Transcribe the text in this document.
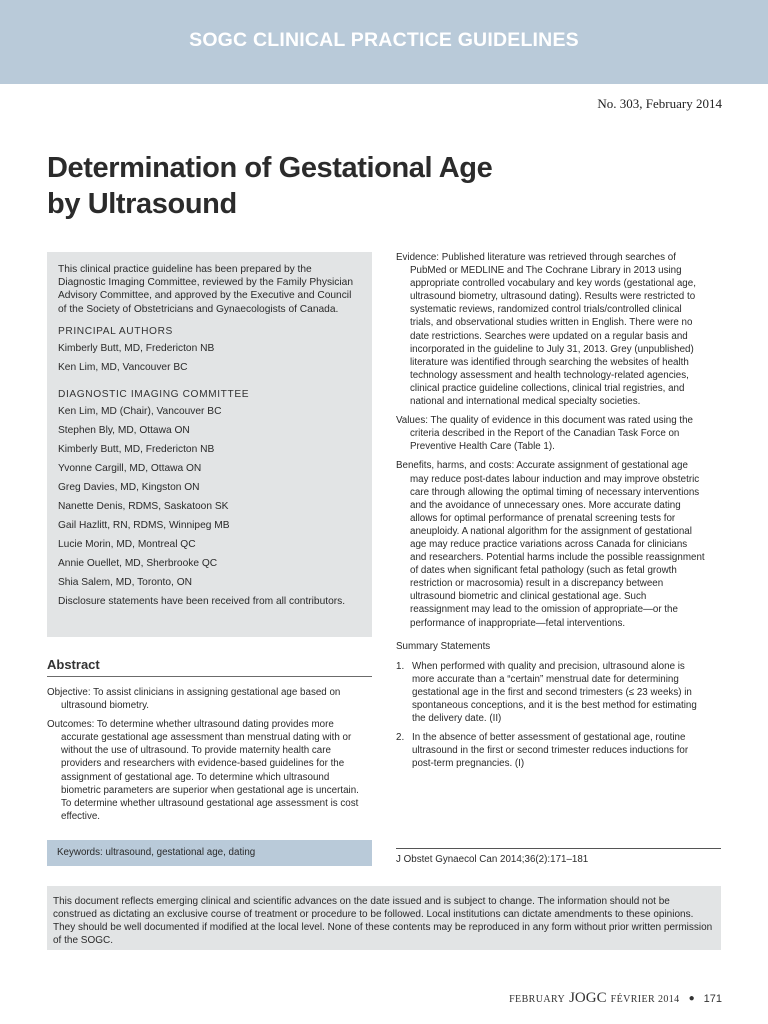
SOGC CLINICAL PRACTICE GUIDELINES
No. 303, February 2014
Determination of Gestational Age
by Ultrasound

This clinical practice guideline has been prepared by the Diagnostic Imaging Committee, reviewed by the Family Physician Advisory Committee, and approved by the Executive and Council of the Society of Obstetricians and Gynaecologists of Canada.

PRINCIPAL AUTHORS
Kimberly Butt, MD, Fredericton NB
Ken Lim, MD, Vancouver BC
DIAGNOSTIC IMAGING COMMITTEE
Ken Lim, MD (Chair), Vancouver BC
Stephen Bly, MD, Ottawa ON
Kimberly Butt, MD, Fredericton NB
Yvonne Cargill, MD, Ottawa ON
Greg Davies, MD, Kingston ON
Nanette Denis, RDMS, Saskatoon SK
Gail Hazlitt, RN, RDMS, Winnipeg MB
Lucie Morin, MD, Montreal QC
Annie Ouellet, MD, Sherbrooke QC
Shia Salem, MD, Toronto, ON
Disclosure statements have been received from all contributors.
Abstract

Objective: To assist clinicians in assigning gestational age based on ultrasound biometry.

Outcomes: To determine whether ultrasound dating provides more accurate gestational age assessment than menstrual dating with or without the use of ultrasound. To provide maternity health care providers and researchers with evidence-based guidelines for the assignment of gestational age. To determine which ultrasound biometric parameters are superior when gestational age is uncertain. To determine whether ultrasound gestational age assessment is cost effective.

Keywords: ultrasound, gestational age, dating

Evidence: Published literature was retrieved through searches of PubMed or MEDLINE and The Cochrane Library in 2013 using appropriate controlled vocabulary and key words (gestational age, ultrasound biometry, ultrasound dating). Results were restricted to systematic reviews, randomized control trials/controlled clinical trials, and observational studies written in English. There were no date restrictions. Searches were updated on a regular basis and incorporated in the guideline to July 31, 2013. Grey (unpublished) literature was identified through searching the websites of health technology assessment and health technology-related agencies, clinical practice guideline collections, clinical trial registries, and national and international medical specialty societies.

Values: The quality of evidence in this document was rated using the criteria described in the Report of the Canadian Task Force on Preventive Health Care (Table 1).

Benefits, harms, and costs: Accurate assignment of gestational age may reduce post-dates labour induction and may improve obstetric care through allowing the optimal timing of necessary interventions and the avoidance of unnecessary ones. More accurate dating allows for optimal performance of prenatal screening tests for aneuploidy. A national algorithm for the assignment of gestational age may reduce practice variations across Canada for clinicians and researchers. Potential harms include the possible reassignment of dates when significant fetal pathology (such as fetal growth restriction or macrosomia) result in a discrepancy between ultrasound biometric and clinical gestational age. Such reassignment may lead to the omission of appropriate—or the performance of inappropriate—fetal interventions.

Summary Statements
1. When performed with quality and precision, ultrasound alone is more accurate than a “certain” menstrual date for determining gestational age in the first and second trimesters (≤ 23 weeks) in spontaneous conceptions, and it is the best method for estimating the delivery date. (II)
2. In the absence of better assessment of gestational age, routine ultrasound in the first or second trimester reduces inductions for post-term pregnancies. (I)
J Obstet Gynaecol Can 2014;36(2):171–181
This document reflects emerging clinical and scientific advances on the date issued and is subject to change. The information should not be construed as dictating an exclusive course of treatment or procedure to be followed. Local institutions can dictate amendments to these opinions. They should be well documented if modified at the local level. None of these contents may be reproduced in any form without prior written permission of the SOGC.
FEBRUARY JOGC FÉVRIER 2014 ● 171
